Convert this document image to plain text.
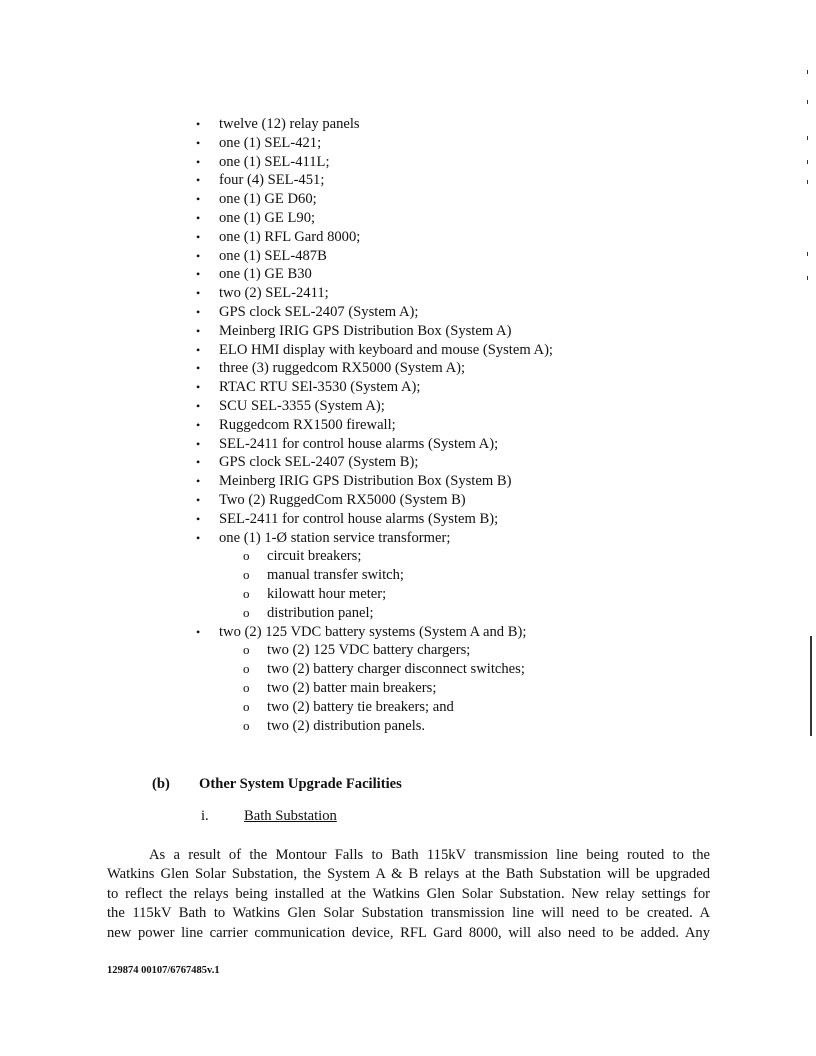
• twelve (12) relay panels
• one (1) SEL-421;
• one (1) SEL-411L;
• four (4) SEL-451;
• one (1) GE D60;
• one (1) GE L90;
• one (1) RFL Gard 8000;
• one (1) SEL-487B
• one (1) GE B30
• two (2) SEL-2411;
• GPS clock SEL-2407 (System A);
• Meinberg IRIG GPS Distribution Box (System A)
• ELO HMI display with keyboard and mouse (System A);
• three (3) ruggedcom RX5000 (System A);
• RTAC RTU SEl-3530 (System A);
• SCU SEL-3355 (System A);
• Ruggedcom RX1500 firewall;
• SEL-2411 for control house alarms (System A);
• GPS clock SEL-2407 (System B);
• Meinberg IRIG GPS Distribution Box (System B)
• Two (2) RuggedCom RX5000 (System B)
• SEL-2411 for control house alarms (System B);
• one (1) 1-Ø station service transformer;
o circuit breakers;
o manual transfer switch;
o kilowatt hour meter;
o distribution panel;
• two (2) 125 VDC battery systems (System A and B);
o two (2) 125 VDC battery chargers;
o two (2) battery charger disconnect switches;
o two (2) batter main breakers;
o two (2) battery tie breakers; and
o two (2) distribution panels.
(b) Other System Upgrade Facilities
i. Bath Substation
As a result of the Montour Falls to Bath 115kV transmission line being routed to the
Watkins Glen Solar Substation, the System A & B relays at the Bath Substation will be upgraded
to reflect the relays being installed at the Watkins Glen Solar Substation. New relay settings for
the 115kV Bath to Watkins Glen Solar Substation transmission line will need to be created. A
new power line carrier communication device, RFL Gard 8000, will also need to be added. Any
129874 00107/6767485v.1
